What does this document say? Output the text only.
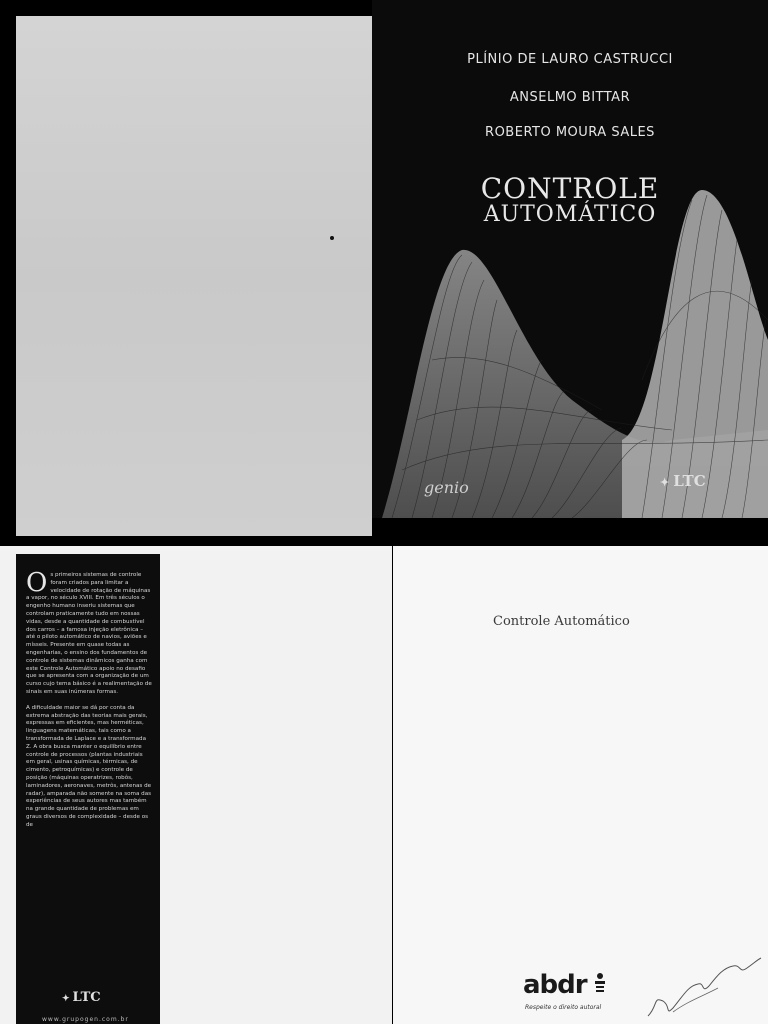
PLÍNIO DE LAURO CASTRUCCI
ANSELMO BITTAR
ROBERTO MOURA SALES
CONTROLE
AUTOMÁTICO
genio	✦ LTC
Os primeiros sistemas de controle foram criados para limitar a velocidade de rotação de máquinas a vapor, no século XVIII. Em três séculos o engenho humano inseriu sistemas que controlam praticamente tudo em nossas vidas, desde a quantidade de combustível dos carros – a famosa injeção eletrônica – até o piloto automático de navios, aviões e mísseis. Presente em quase todas as engenharias, o ensino dos fundamentos de controle de sistemas dinâmicos ganha com este Controle Automático apoio no desafio que se apresenta com a organização de um curso cujo tema básico é a realimentação de sinais em suas inúmeras formas.
A dificuldade maior se dá por conta da extrema abstração das teorias mais gerais, expressas em eficientes, mas herméticas, linguagens matemáticas, tais como a transformada de Laplace e a transformada Z. A obra busca manter o equilíbrio entre controle de processos (plantas industriais em geral, usinas químicas, térmicas, de cimento, petroquímicas) e controle de posição (máquinas operatrizes, robôs, laminadores, aeronaves, metrôs, antenas de radar), amparada não somente na soma das experiências de seus autores mas também na grande quantidade de problemas em graus diversos de complexidade – desde os de
✦ LTC
www.grupogen.com.br
Controle Automático
abdr
Respeite o direito autoral
